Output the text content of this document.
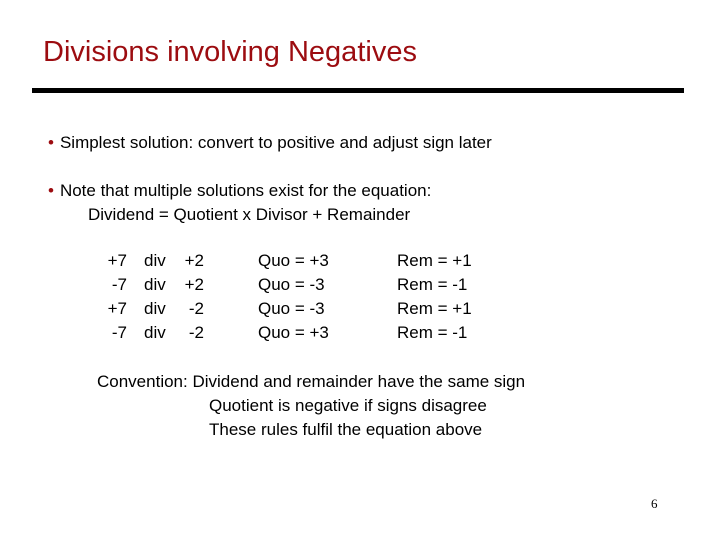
Divisions involving Negatives
• Simplest solution: convert to positive and adjust sign later
• Note that multiple solutions exist for the equation:
Dividend = Quotient x Divisor + Remainder
+7 div	+2	Quo = +3	Rem = +1
-7 div	+2	Quo = -3	Rem = -1
+7 div	-2	Quo = -3	Rem = +1
-7 div	-2	Quo = +3	Rem = -1
Convention: Dividend and remainder have the same sign
Quotient is negative if signs disagree
These rules fulfil the equation above
6
